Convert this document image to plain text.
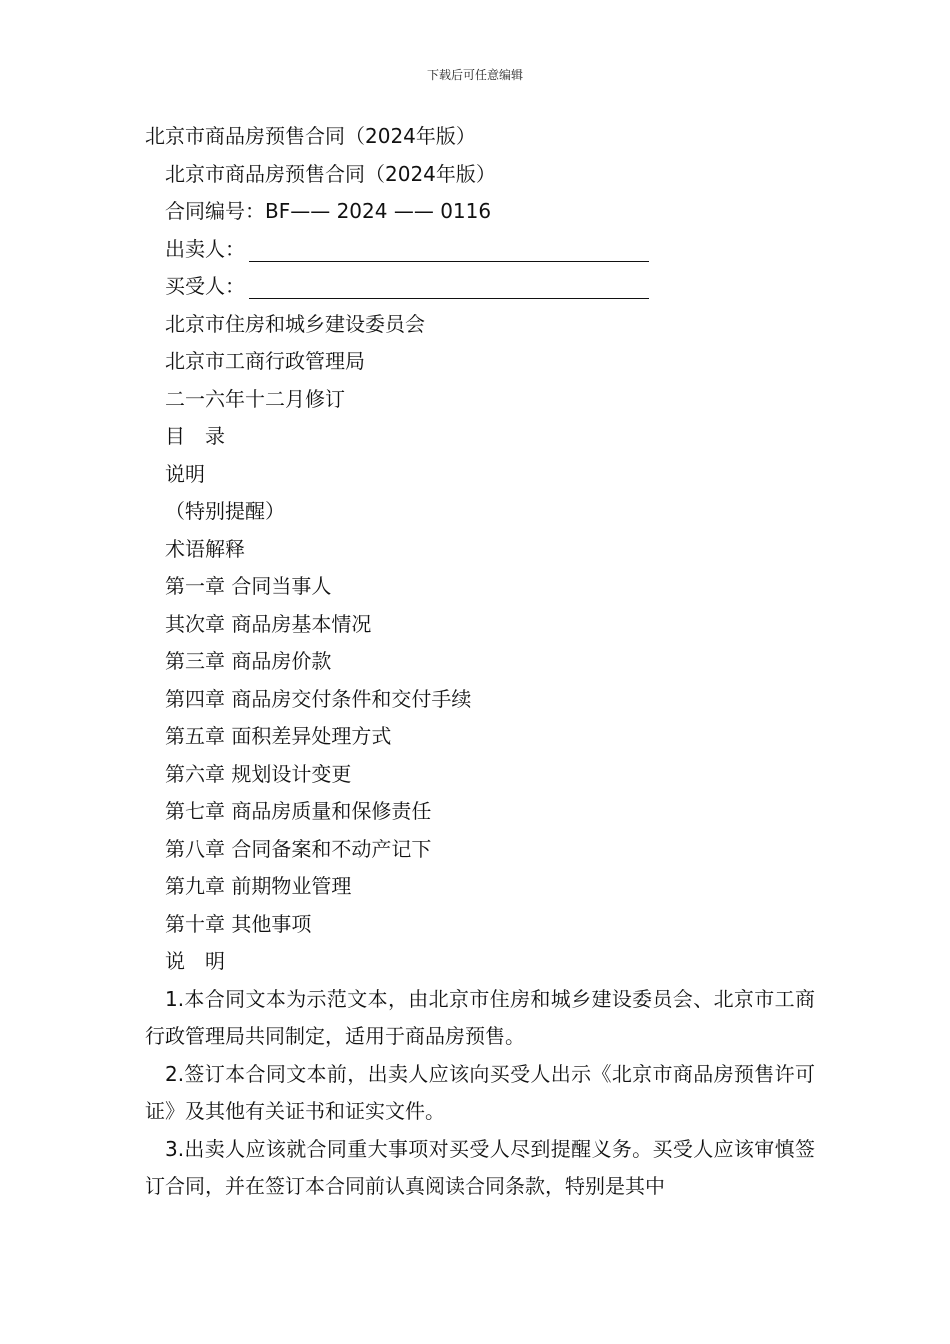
下载后可任意编辑
北京市商品房预售合同（2024年版）
北京市商品房预售合同（2024年版）
合同编号：BF—— 2024 —— 0116
出卖人：
买受人：
北京市住房和城乡建设委员会
北京市工商行政管理局
二一六年十二月修订
目　录
说明
（特别提醒）
术语解释
第一章 合同当事人
其次章 商品房基本情况
第三章 商品房价款
第四章 商品房交付条件和交付手续
第五章 面积差异处理方式
第六章 规划设计变更
第七章 商品房质量和保修责任
第八章 合同备案和不动产记下
第九章 前期物业管理
第十章 其他事项
说　明

1.本合同文本为示范文本，由北京市住房和城乡建设委员会、北京市工商行政管理局共同制定，适用于商品房预售。

2.签订本合同文本前，出卖人应该向买受人出示《北京市商品房预售许可证》及其他有关证书和证实文件。

3.出卖人应该就合同重大事项对买受人尽到提醒义务。买受人应该审慎签订合同，并在签订本合同前认真阅读合同条款，特别是其中
